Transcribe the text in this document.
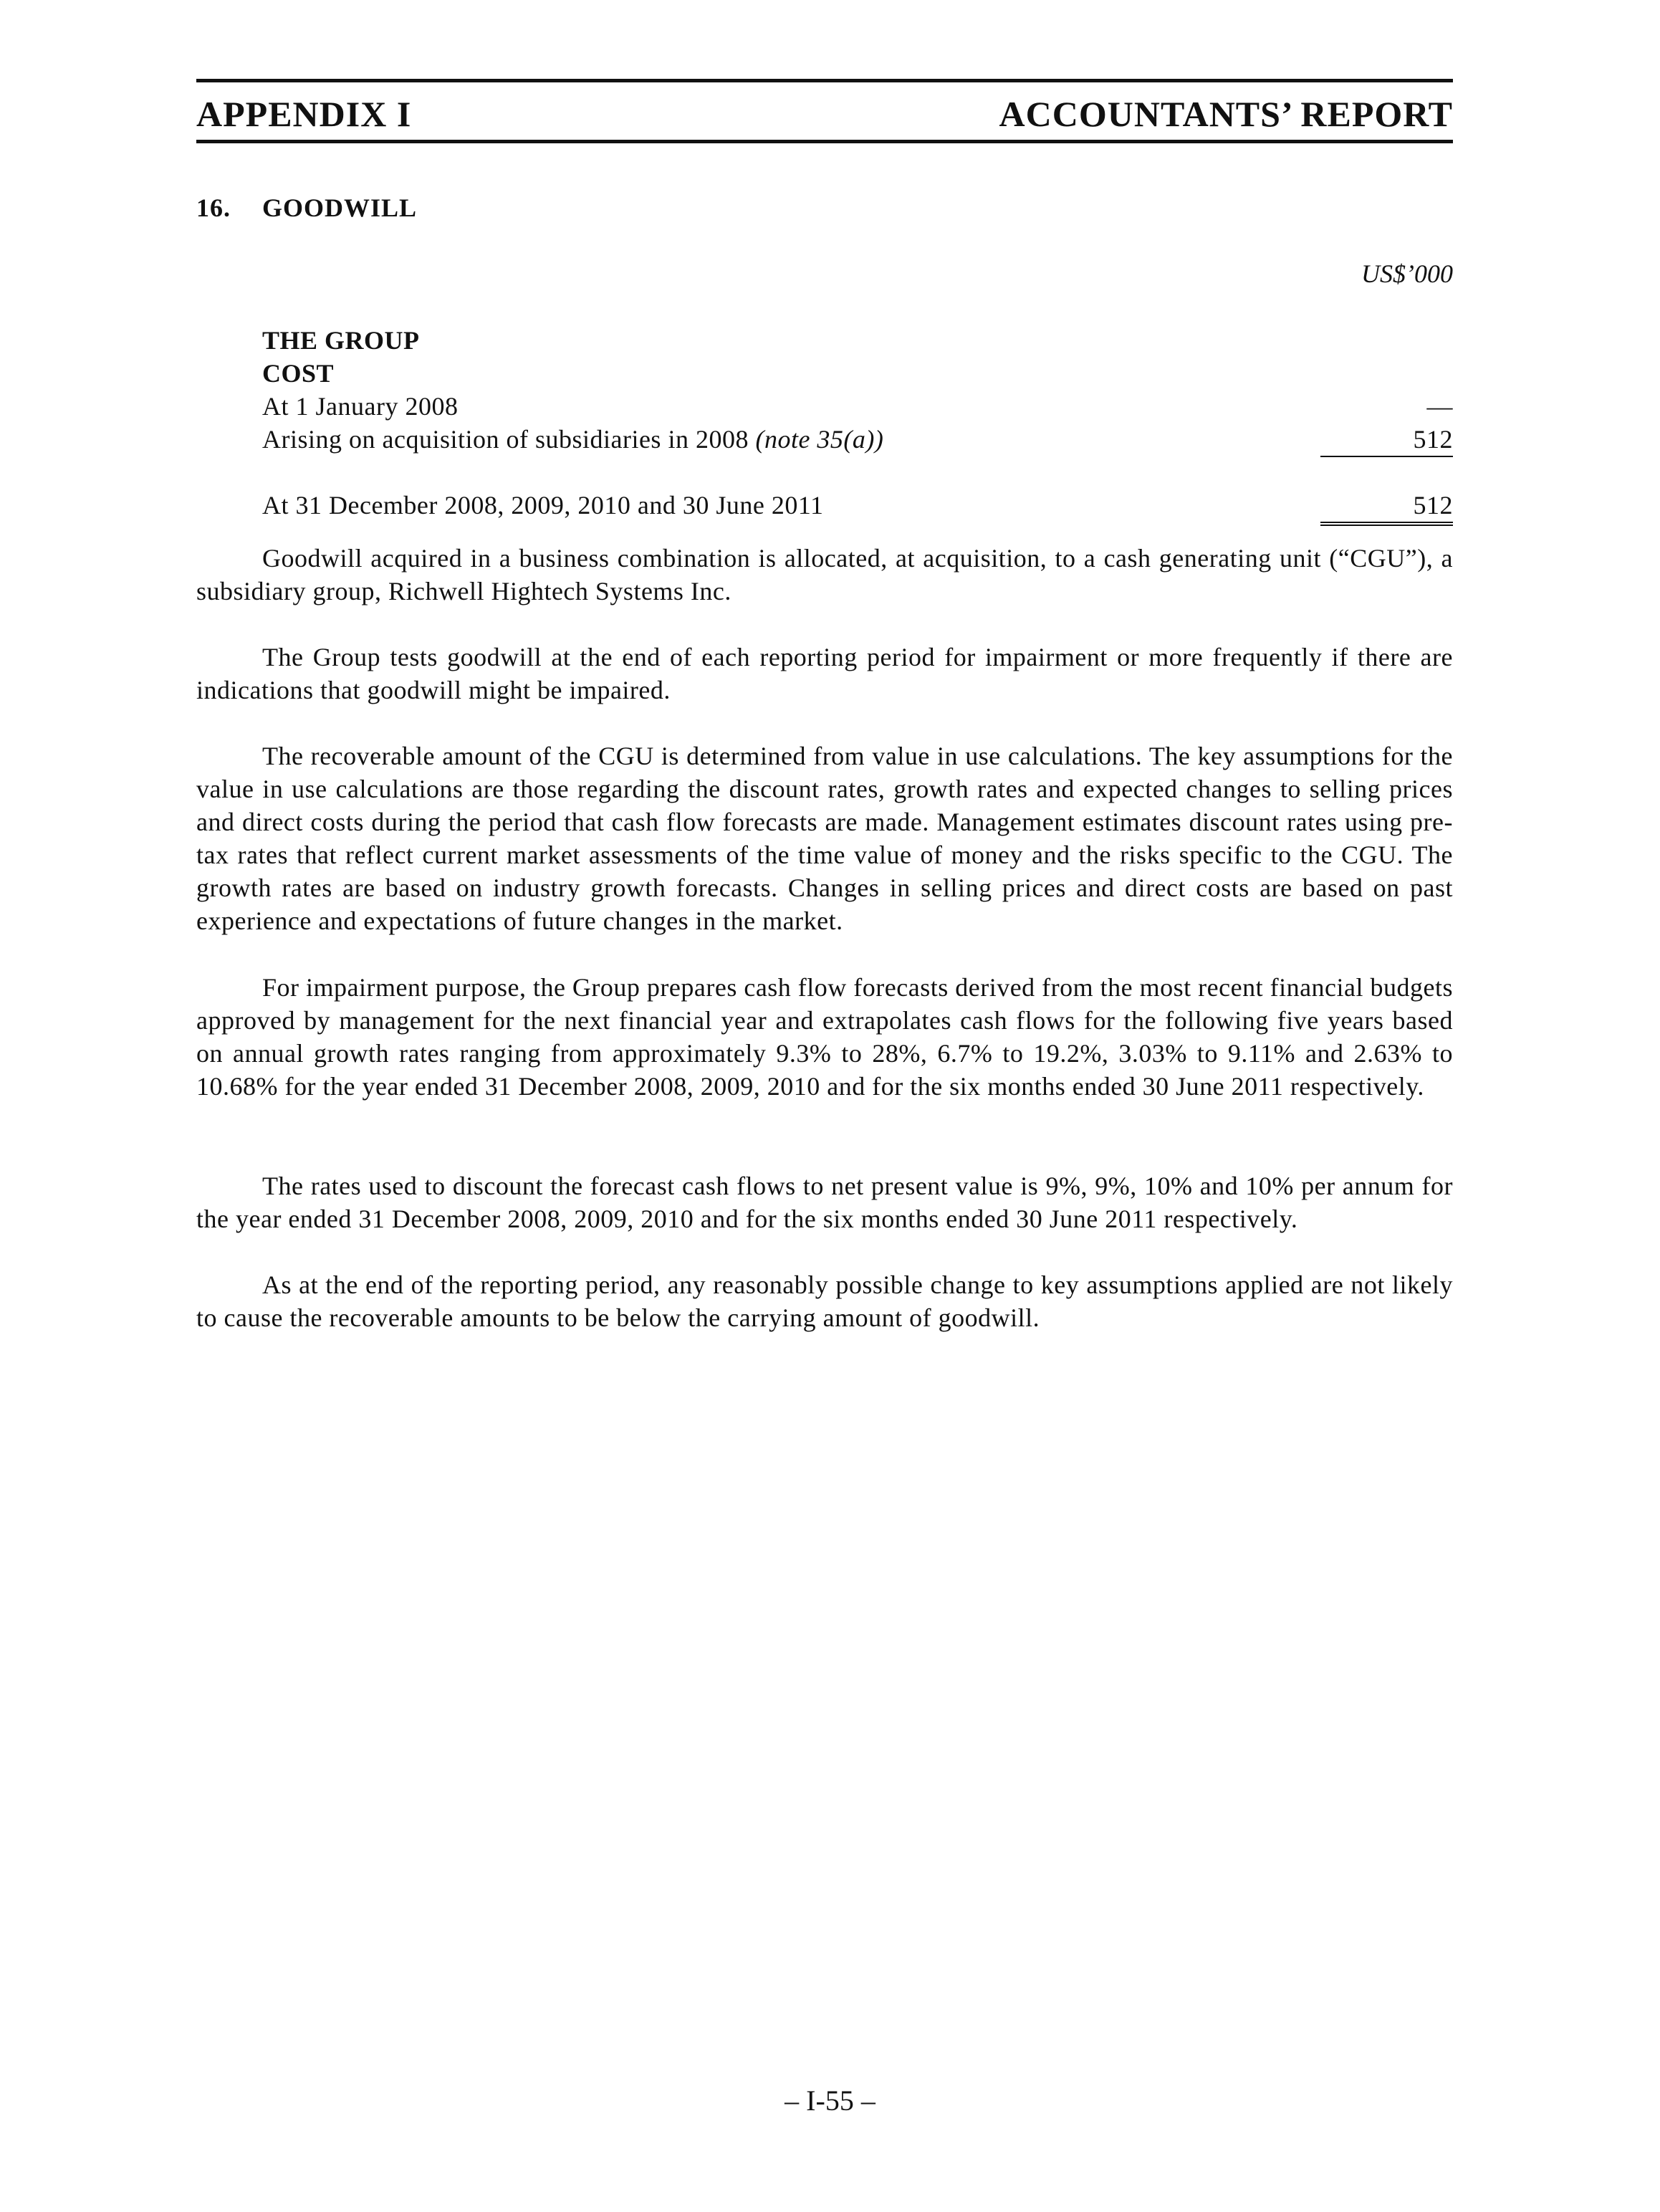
APPENDIX I	ACCOUNTANTS’ REPORT
16. GOODWILL
US$’000
THE GROUP
COST
At 1 January 2008	—
Arising on acquisition of subsidiaries in 2008 (note 35(a))	512
At 31 December 2008, 2009, 2010 and 30 June 2011	512

Goodwill acquired in a business combination is allocated, at acquisition, to a cash generating unit (“CGU”), a subsidiary group, Richwell Hightech Systems Inc.

The Group tests goodwill at the end of each reporting period for impairment or more frequently if there are indications that goodwill might be impaired.

The recoverable amount of the CGU is determined from value in use calculations. The key assumptions for the value in use calculations are those regarding the discount rates, growth rates and expected changes to selling prices and direct costs during the period that cash flow forecasts are made. Management estimates discount rates using pre-tax rates that reflect current market assessments of the time value of money and the risks specific to the CGU. The growth rates are based on industry growth forecasts. Changes in selling prices and direct costs are based on past experience and expectations of future changes in the market.

For impairment purpose, the Group prepares cash flow forecasts derived from the most recent financial budgets approved by management for the next financial year and extrapolates cash flows for the following five years based on annual growth rates ranging from approximately 9.3% to 28%, 6.7% to 19.2%, 3.03% to 9.11% and 2.63% to 10.68% for the year ended 31 December 2008, 2009, 2010 and for the six months ended 30 June 2011 respectively.

The rates used to discount the forecast cash flows to net present value is 9%, 9%, 10% and 10% per annum for the year ended 31 December 2008, 2009, 2010 and for the six months ended 30 June 2011 respectively.

As at the end of the reporting period, any reasonably possible change to key assumptions applied are not likely to cause the recoverable amounts to be below the carrying amount of goodwill.

– I-55 –
